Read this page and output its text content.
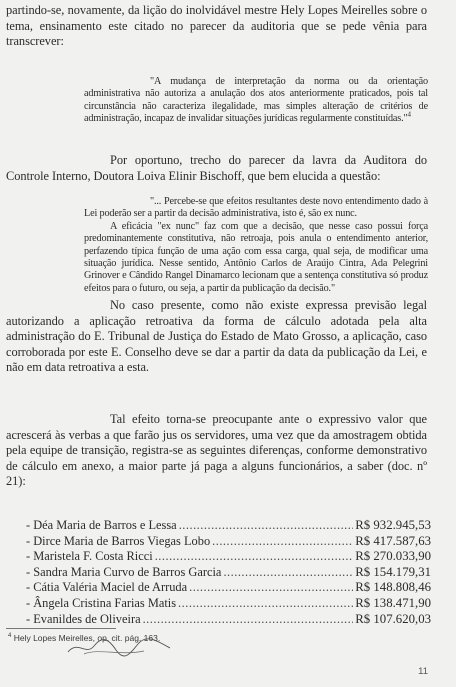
partindo-se, novamente, da lição do inolvidável mestre Hely Lopes Meirelles sobre o tema, ensinamento este citado no parecer da auditoria que se pede vênia para transcrever:

"A mudança de interpretação da norma ou da orientação administrativa não autoriza a anulação dos atos anteriormente praticados, pois tal circunstância não caracteriza ilegalidade, mas simples alteração de critérios de administração, incapaz de invalidar situações jurídicas regularmente constituídas."$^4$

Por oportuno, trecho do parecer da lavra da Auditora do Controle Interno, Doutora Loiva Elinir Bischoff, que bem elucida a questão:

"... Percebe-se que efeitos resultantes deste novo entendimento dado à Lei poderão ser a partir da decisão administrativa, isto é, são ex nunc.

A eficácia "ex nunc" faz com que a decisão, que nesse caso possui força predominantemente constitutiva, não retroaja, pois anula o entendimento anterior, perfazendo típica função de uma ação com essa carga, qual seja, de modificar uma situação jurídica. Nesse sentido, Antônio Carlos de Araújo Cintra, Ada Pelegrini Grinover e Cândido Rangel Dinamarco lecionam que a sentença constitutiva só produz efeitos para o futuro, ou seja, a partir da publicação da decisão."

No caso presente, como não existe expressa previsão legal autorizando a aplicação retroativa da forma de cálculo adotada pela alta administração do E. Tribunal de Justiça do Estado de Mato Grosso, a aplicação, caso corroborada por este E. Conselho deve se dar a partir da data da publicação da Lei, e não em data retroativa a esta.

Tal efeito torna-se preocupante ante o expressivo valor que acrescerá às verbas a que farão jus os servidores, uma vez que da amostragem obtida pela equipe de transição, registra-se as seguintes diferenças, conforme demonstrativo de cálculo em anexo, a maior parte já paga a alguns funcionários, a saber (doc. nº 21):

- Déa Maria de Barros e Lessa .....	R$ 932.945,53
- Dirce Maria de Barros Viegas Lobo .....	R$ 417.587,63
- Maristela F. Costa Ricci .....	R$ 270.033,90
- Sandra Maria Curvo de Barros Garcia .....	R$ 154.179,31
- Cátia Valéria Maciel de Arruda .....	R$ 148.808,46
- Ângela Cristina Farias Matis .....	R$ 138.471,90
- Evanildes de Oliveira .....	R$ 107.620,03
$^4$ Hely Lopes Meirelles, op. cit. pág. 163.
11
